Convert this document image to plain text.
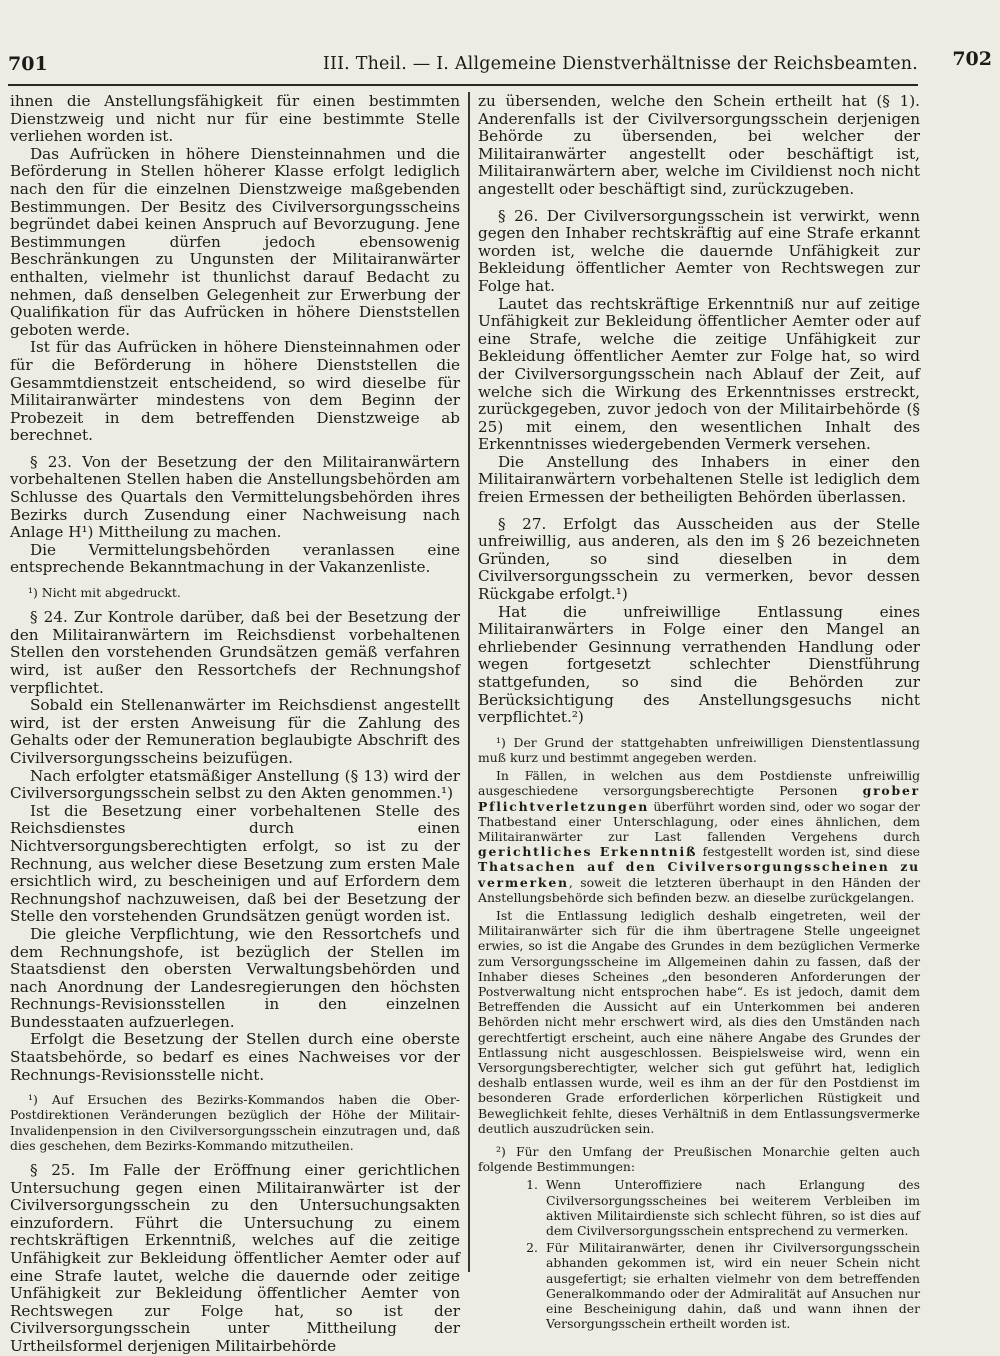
701	III. Theil. — I. Allgemeine Dienstverhältnisse der Reichsbeamten. 702

ihnen die Anstellungsfähigkeit für einen bestimmten Dienstzweig und nicht nur für eine bestimmte Stelle verliehen worden ist.

Das Aufrücken in höhere Diensteinnahmen und die Beförderung in Stellen höherer Klasse erfolgt lediglich nach den für die einzelnen Dienstzweige maßgebenden Bestimmungen. Der Besitz des Civilversorgungsscheins begründet dabei keinen Anspruch auf Bevorzugung. Jene Bestimmungen dürfen jedoch ebensowenig Beschränkungen zu Ungunsten der Militairanwärter enthalten, vielmehr ist thunlichst darauf Bedacht zu nehmen, daß denselben Gelegenheit zur Erwerbung der Qualifikation für das Aufrücken in höhere Dienststellen geboten werde.

Ist für das Aufrücken in höhere Diensteinnahmen oder für die Beförderung in höhere Dienststellen die Gesammtdienstzeit entscheidend, so wird dieselbe für Militairanwärter mindestens von dem Beginn der Probezeit in dem betreffenden Dienstzweige ab berechnet.

§ 23. Von der Besetzung der den Militairanwärtern vorbehaltenen Stellen haben die Anstellungsbehörden am Schlusse des Quartals den Vermittelungsbehörden ihres Bezirks durch Zusendung einer Nachweisung nach Anlage H¹) Mittheilung zu machen.

Die Vermittelungsbehörden veranlassen eine entsprechende Bekanntmachung in der Vakanzenliste.

¹) Nicht mit abgedruckt.

§ 24. Zur Kontrole darüber, daß bei der Besetzung der den Militairanwärtern im Reichsdienst vorbehaltenen Stellen den vorstehenden Grundsätzen gemäß verfahren wird, ist außer den Ressortchefs der Rechnungshof verpflichtet.

Sobald ein Stellenanwärter im Reichsdienst angestellt wird, ist der ersten Anweisung für die Zahlung des Gehalts oder der Remuneration beglaubigte Abschrift des Civilversorgungsscheins beizufügen.

Nach erfolgter etatsmäßiger Anstellung (§ 13) wird der Civilversorgungsschein selbst zu den Akten genommen.¹)

Ist die Besetzung einer vorbehaltenen Stelle des Reichsdienstes durch einen Nichtversorgungsberechtigten erfolgt, so ist zu der Rechnung, aus welcher diese Besetzung zum ersten Male ersichtlich wird, zu bescheinigen und auf Erfordern dem Rechnungshof nachzuweisen, daß bei der Besetzung der Stelle den vorstehenden Grundsätzen genügt worden ist.

Die gleiche Verpflichtung, wie den Ressortchefs und dem Rechnungshofe, ist bezüglich der Stellen im Staatsdienst den obersten Verwaltungsbehörden und nach Anordnung der Landesregierungen den höchsten Rechnungs-Revisionsstellen in den einzelnen Bundesstaaten aufzuerlegen.

Erfolgt die Besetzung der Stellen durch eine oberste Staatsbehörde, so bedarf es eines Nachweises vor der Rechnungs-Revisionsstelle nicht.

¹) Auf Ersuchen des Bezirks-Kommandos haben die Ober-Postdirektionen Veränderungen bezüglich der Höhe der Militair-Invalidenpension in den Civilversorgungsschein einzutragen und, daß dies geschehen, dem Bezirks-Kommando mitzutheilen.

§ 25. Im Falle der Eröffnung einer gerichtlichen Untersuchung gegen einen Militairanwärter ist der Civilversorgungsschein zu den Untersuchungsakten einzufordern. Führt die Untersuchung zu einem rechtskräftigen Erkenntniß, welches auf die zeitige Unfähigkeit zur Bekleidung öffentlicher Aemter oder auf eine Strafe lautet, welche die dauernde oder zeitige Unfähigkeit zur Bekleidung öffentlicher Aemter von Rechtswegen zur Folge hat, so ist der Civilversorgungsschein unter Mittheilung der Urtheilsformel derjenigen Militairbehörde

zu übersenden, welche den Schein ertheilt hat (§ 1). Anderenfalls ist der Civilversorgungsschein derjenigen Behörde zu übersenden, bei welcher der Militairanwärter angestellt oder beschäftigt ist, Militairanwärtern aber, welche im Civildienst noch nicht angestellt oder beschäftigt sind, zurückzugeben.

§ 26. Der Civilversorgungsschein ist verwirkt, wenn gegen den Inhaber rechtskräftig auf eine Strafe erkannt worden ist, welche die dauernde Unfähigkeit zur Bekleidung öffentlicher Aemter von Rechtswegen zur Folge hat.

Lautet das rechtskräftige Erkenntniß nur auf zeitige Unfähigkeit zur Bekleidung öffentlicher Aemter oder auf eine Strafe, welche die zeitige Unfähigkeit zur Bekleidung öffentlicher Aemter zur Folge hat, so wird der Civilversorgungsschein nach Ablauf der Zeit, auf welche sich die Wirkung des Erkenntnisses erstreckt, zurückgegeben, zuvor jedoch von der Militairbehörde (§ 25) mit einem, den wesentlichen Inhalt des Erkenntnisses wiedergebenden Vermerk versehen.

Die Anstellung des Inhabers in einer den Militairanwärtern vorbehaltenen Stelle ist lediglich dem freien Ermessen der betheiligten Behörden überlassen.

§ 27. Erfolgt das Ausscheiden aus der Stelle unfreiwillig, aus anderen, als den im § 26 bezeichneten Gründen, so sind dieselben in dem Civilversorgungsschein zu vermerken, bevor dessen Rückgabe erfolgt.¹)

Hat die unfreiwillige Entlassung eines Militairanwärters in Folge einer den Mangel an ehrliebender Gesinnung verrathenden Handlung oder wegen fortgesetzt schlechter Dienstführung stattgefunden, so sind die Behörden zur Berücksichtigung des Anstellungsgesuchs nicht verpflichtet.²)

¹) Der Grund der stattgehabten unfreiwilligen Dienstentlassung muß kurz und bestimmt angegeben werden.

In Fällen, in welchen aus dem Postdienste unfreiwillig ausgeschiedene versorgungsberechtigte Personen grober Pflichtverletzungen überführt worden sind, oder wo sogar der Thatbestand einer Unterschlagung, oder eines ähnlichen, dem Militairanwärter zur Last fallenden Vergehens durch gerichtliches Erkenntniß festgestellt worden ist, sind diese Thatsachen auf den Civilversorgungsscheinen zu vermerken, soweit die letzteren überhaupt in den Händen der Anstellungsbehörde sich befinden bezw. an dieselbe zurückgelangen.

Ist die Entlassung lediglich deshalb eingetreten, weil der Militairanwärter sich für die ihm übertragene Stelle ungeeignet erwies, so ist die Angabe des Grundes in dem bezüglichen Vermerke zum Versorgungsscheine im Allgemeinen dahin zu fassen, daß der Inhaber dieses Scheines „den besonderen Anforderungen der Postverwaltung nicht entsprochen habe“. Es ist jedoch, damit dem Betreffenden die Aussicht auf ein Unterkommen bei anderen Behörden nicht mehr erschwert wird, als dies den Umständen nach gerechtfertigt erscheint, auch eine nähere Angabe des Grundes der Entlassung nicht ausgeschlossen. Beispielsweise wird, wenn ein Versorgungsberechtigter, welcher sich gut geführt hat, lediglich deshalb entlassen wurde, weil es ihm an der für den Postdienst im besonderen Grade erforderlichen körperlichen Rüstigkeit und Beweglichkeit fehlte, dieses Verhältniß in dem Entlassungsvermerke deutlich auszudrücken sein.

²) Für den Umfang der Preußischen Monarchie gelten auch folgende Bestimmungen:

1. Wenn Unteroffiziere nach Erlangung des Civilversorgungsscheines bei weiterem Verbleiben im aktiven Militairdienste sich schlecht führen, so ist dies auf dem Civilversorgungsschein entsprechend zu vermerken.
2. Für Militairanwärter, denen ihr Civilversorgungsschein abhanden gekommen ist, wird ein neuer Schein nicht ausgefertigt; sie erhalten vielmehr von dem betreffenden Generalkommando oder der Admiralität auf Ansuchen nur eine Bescheinigung dahin, daß und wann ihnen der Versorgungsschein ertheilt worden ist.
